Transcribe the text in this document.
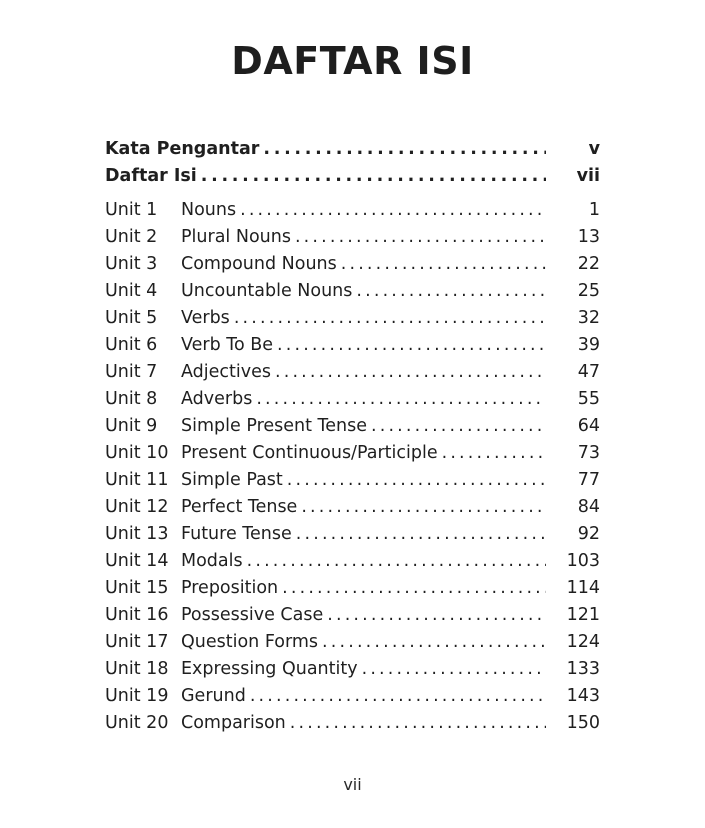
DAFTAR ISI
Kata Pengantar . . .	v
Daftar Isi . . .	vii
Unit 1	Nouns . . .	1
Unit 2	Plural Nouns . . .	13
Unit 3	Compound Nouns . . .	22
Unit 4	Uncountable Nouns . . .	25
Unit 5	Verbs . . .	32
Unit 6	Verb To Be . . .	39
Unit 7	Adjectives . . .	47
Unit 8	Adverbs . . .	55
Unit 9	Simple Present Tense . . .	64
Unit 10 Present Continuous/Participle . . .	73
Unit 11 Simple Past . . .	77
Unit 12 Perfect Tense . . .	84
Unit 13 Future Tense . . .	92
Unit 14 Modals . . .	103
Unit 15 Preposition . . .	114
Unit 16 Possessive Case . . .	121
Unit 17 Question Forms . . .	124
Unit 18 Expressing Quantity . . .	133
Unit 19 Gerund . . .	143
Unit 20 Comparison . . .	150
vii
